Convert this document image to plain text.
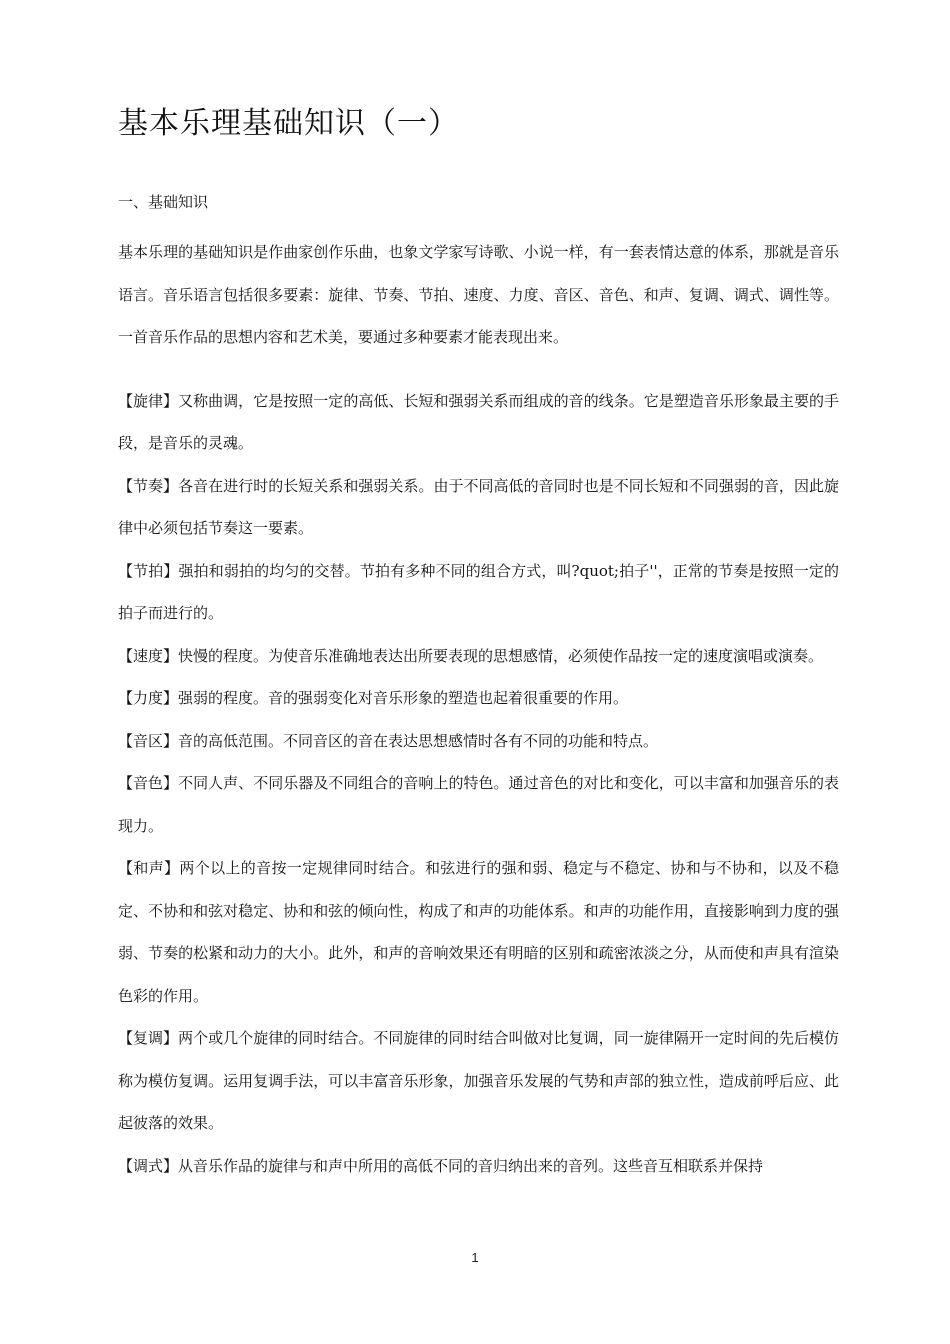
基本乐理基础知识（一）
一、基础知识

基本乐理的基础知识是作曲家创作乐曲，也象文学家写诗歌、小说一样，有一套表情达意的体系，那就是音乐语言。音乐语言包括很多要素：旋律、节奏、节拍、速度、力度、音区、音色、和声、复调、调式、调性等。一首音乐作品的思想内容和艺术美，要通过多种要素才能表现出来。

【旋律】又称曲调，它是按照一定的高低、长短和强弱关系而组成的音的线条。它是塑造音乐形象最主要的手段，是音乐的灵魂。

【节奏】各音在进行时的长短关系和强弱关系。由于不同高低的音同时也是不同长短和不同强弱的音，因此旋律中必须包括节奏这一要素。

【节拍】强拍和弱拍的均匀的交替。节拍有多种不同的组合方式，叫?quot;拍子''，正常的节奏是按照一定的拍子而进行的。

【速度】快慢的程度。为使音乐准确地表达出所要表现的思想感情，必须使作品按一定的速度演唱或演奏。

【力度】强弱的程度。音的强弱变化对音乐形象的塑造也起着很重要的作用。

【音区】音的高低范围。不同音区的音在表达思想感情时各有不同的功能和特点。

【音色】不同人声、不同乐器及不同组合的音响上的特色。通过音色的对比和变化，可以丰富和加强音乐的表现力。

【和声】两个以上的音按一定规律同时结合。和弦进行的强和弱、稳定与不稳定、协和与不协和，以及不稳定、不协和和弦对稳定、协和和弦的倾向性，构成了和声的功能体系。和声的功能作用，直接影响到力度的强弱、节奏的松紧和动力的大小。此外，和声的音响效果还有明暗的区别和疏密浓淡之分，从而使和声具有渲染色彩的作用。

【复调】两个或几个旋律的同时结合。不同旋律的同时结合叫做对比复调，同一旋律隔开一定时间的先后模仿称为模仿复调。运用复调手法，可以丰富音乐形象，加强音乐发展的气势和声部的独立性，造成前呼后应、此起彼落的效果。

【调式】从音乐作品的旋律与和声中所用的高低不同的音归纳出来的音列。这些音互相联系并保持

1
